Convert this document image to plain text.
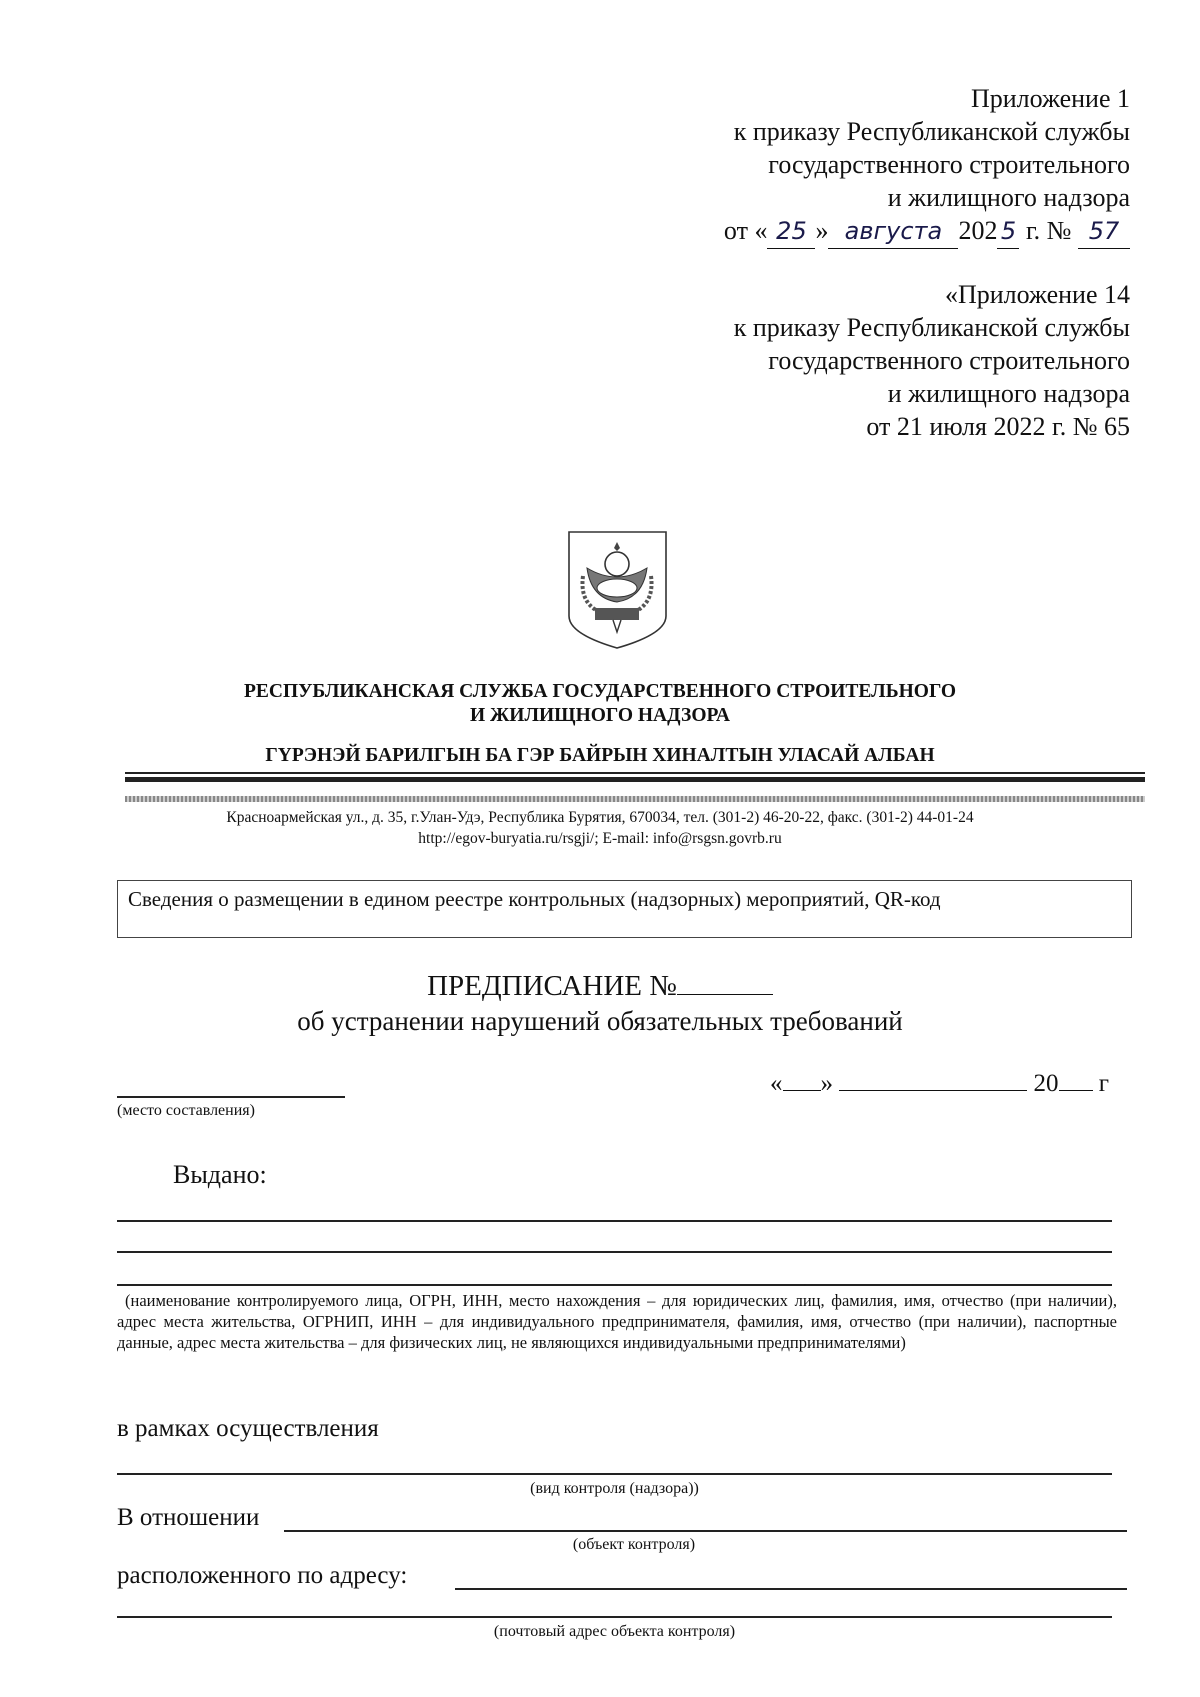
Приложение 1
к приказу Республиканской службы
государственного строительного
и жилищного надзора
от « 25 » августа 202 5 г. № 57
«Приложение 14
к приказу Республиканской службы
государственного строительного
и жилищного надзора
от 21 июля 2022 г. № 65
РЕСПУБЛИКАНСКАЯ СЛУЖБА ГОСУДАРСТВЕННОГО СТРОИТЕЛЬНОГО
И ЖИЛИЩНОГО НАДЗОРА
ГYРЭНЭЙ БАРИЛГЫН БА ГЭР БАЙРЫН ХИНАЛТЫН УЛАСАЙ АЛБАН
Красноармейская ул., д. 35, г.Улан-Удэ, Республика Бурятия, 670034, тел. (301-2) 46-20-22, факс. (301-2) 44-01-24
http://egov-buryatia.ru/rsgji/; E-mail: info@rsgsn.govrb.ru
Сведения о размещении в едином реестре контрольных (надзорных) мероприятий, QR-код
ПРЕДПИСАНИЕ №
об устранении нарушений обязательных требований
(место составления)
« »	20 г
Выдано:
(наименование контролируемого лица, ОГРН, ИНН, место нахождения – для юридических лиц, фамилия, имя, отчество (при наличии), адрес места жительства, ОГРНИП, ИНН – для индивидуального предпринимателя, фамилия, имя, отчество (при наличии), паспортные данные, адрес места жительства – для физических лиц, не являющихся индивидуальными предпринимателями)
в рамках осуществления
(вид контроля (надзора))
В отношении
(объект контроля)
расположенного по адресу:
(почтовый адрес объекта контроля)
